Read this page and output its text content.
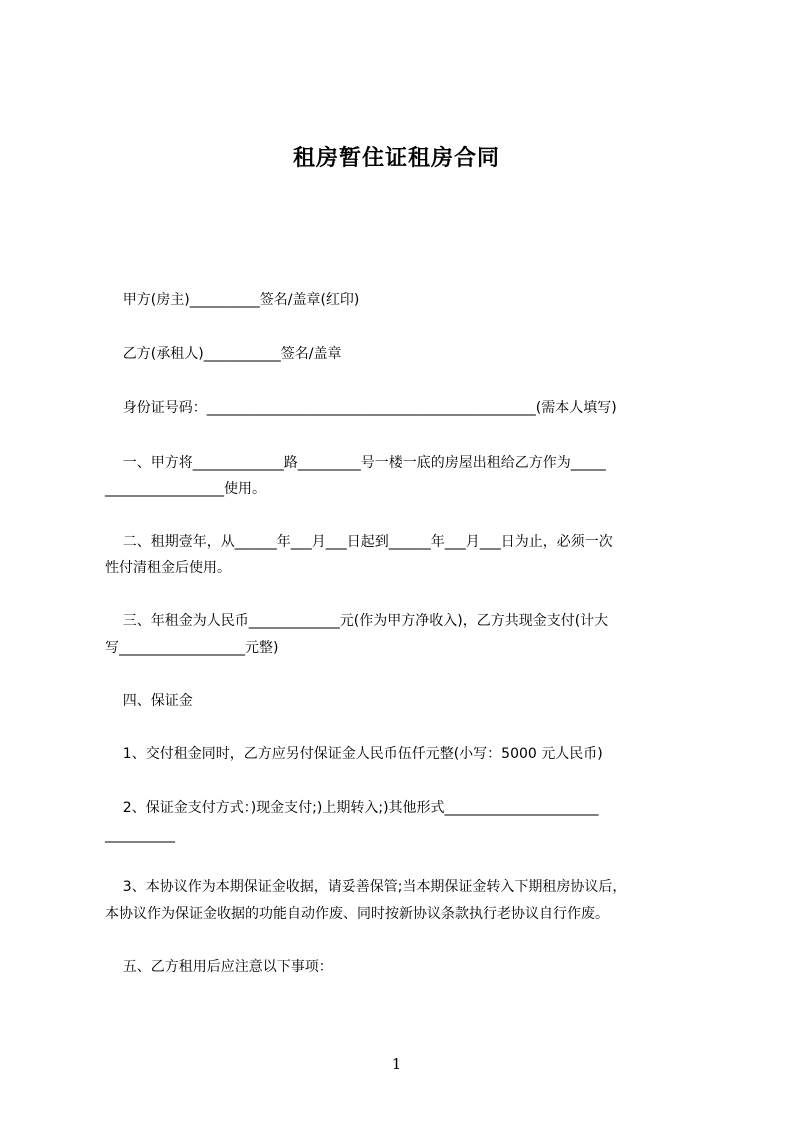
租房暂住证租房合同
甲方(房主)__________签名/盖章(红印)
乙方(承租人)___________签名/盖章
身份证号码：_______________________________________________(需本人填写)
一、甲方将_____________路_________号一楼一底的房屋出租给乙方作为_____
_________________使用。
二、租期壹年，从______年___月___日起到______年___月___日为止，必须一次
性付清租金后使用。
三、年租金为人民币_____________元(作为甲方净收入)，乙方共现金支付(计大
写__________________元整)
四、保证金
1、交付租金同时，乙方应另付保证金人民币伍仟元整(小写：5000 元人民币)
2、保证金支付方式：)现金支付;)上期转入;)其他形式______________________
__________
3、本协议作为本期保证金收据，请妥善保管;当本期保证金转入下期租房协议后，
本协议作为保证金收据的功能自动作废、同时按新协议条款执行老协议自行作废。
五、乙方租用后应注意以下事项：
1
